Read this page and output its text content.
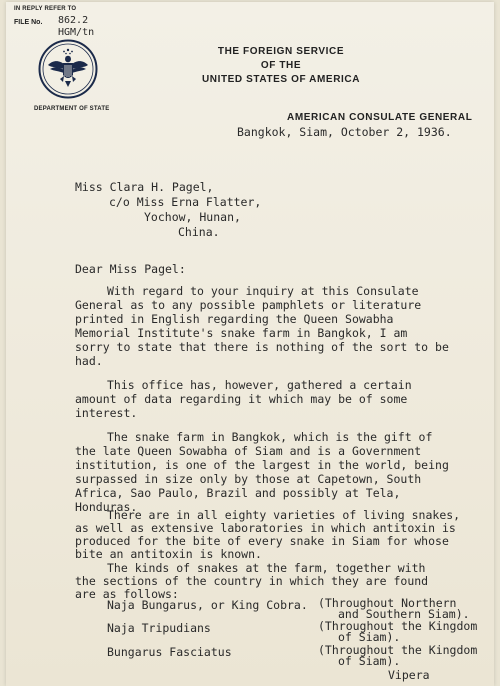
IN REPLY REFER TO
FILE No. 862.2
HGM/tn
DEPARTMENT OF STATE
THE FOREIGN SERVICE
OF THE
UNITED STATES OF AMERICA
AMERICAN CONSULATE GENERAL
Bangkok, Siam, October 2, 1936.
Miss Clara H. Pagel,
c/o Miss Erna Flatter,
Yochow, Hunan,
China.
Dear Miss Pagel:
With regard to your inquiry at this Consulate
General as to any possible pamphlets or literature
printed in English regarding the Queen Sowabha
Memorial Institute's snake farm in Bangkok, I am
sorry to state that there is nothing of the sort to be
had.
This office has, however, gathered a certain
amount of data regarding it which may be of some
interest.
The snake farm in Bangkok, which is the gift of
the late Queen Sowabha of Siam and is a Government
institution, is one of the largest in the world, being
surpassed in size only by those at Capetown, South
Africa, Sao Paulo, Brazil and possibly at Tela,
Honduras.
There are in all eighty varieties of living snakes,
as well as extensive laboratories in which antitoxin is
produced for the bite of every snake in Siam for whose
bite an antitoxin is known.
The kinds of snakes at the farm, together with
the sections of the country in which they are found
are as follows:
Naja Bungarus, or King Cobra. (Throughout Northern
and Southern Siam).
Naja Tripudians	(Throughout the Kingdom
of Siam).
Bungarus Fasciatus	(Throughout the Kingdom
of Siam).
Vipera
